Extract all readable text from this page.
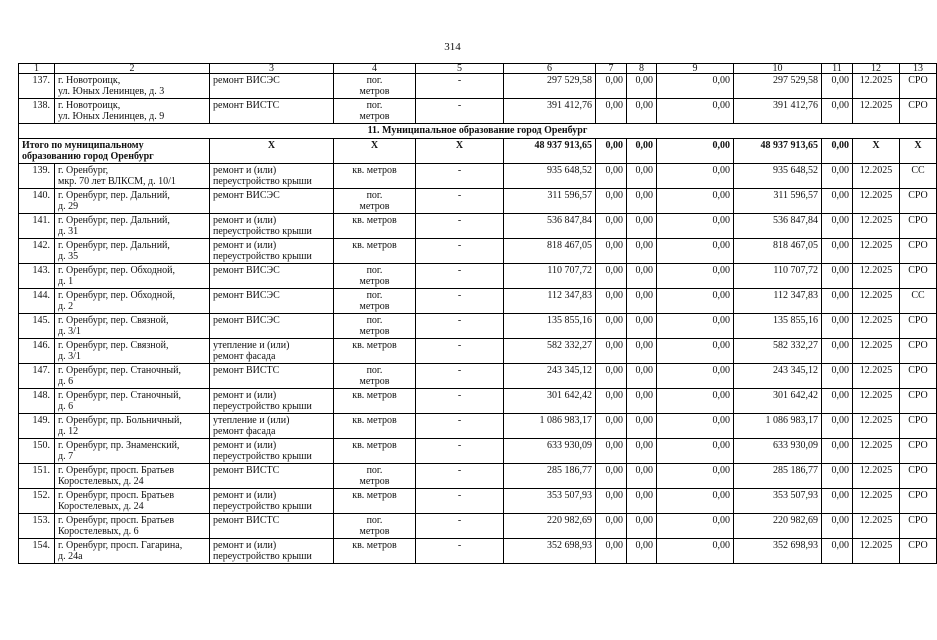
314
1	2	3	4	5	6	7	8	9	10	11	12	13
137.	г. Новотроицк,
ул. Юных Ленинцев, д. 3	ремонт ВИСЭС	пог.
метров	-	297 529,58	0,00	0,00	0,00	297 529,58	0,00	12.2025	СРО
138.	г. Новотроицк,
ул. Юных Ленинцев, д. 9	ремонт ВИСТС	пог.
метров	-	391 412,76	0,00	0,00	0,00	391 412,76	0,00	12.2025	СРО
11. Муниципальное образование город Оренбург												

Итого по муниципальному
образованию город Оренбург		X	X	X	48 937 913,65	0,00	0,00	0,00	48 937 913,65	0,00	X	X
139.	г. Оренбург,
мкр. 70 лет ВЛКСМ, д. 10/1	ремонт и (или)
переустройство крыши	кв. метров	-	935 648,52	0,00	0,00	0,00	935 648,52	0,00	12.2025	СС
140.	г. Оренбург, пер. Дальний,
д. 29	ремонт ВИСЭС	пог.
метров	-	311 596,57	0,00	0,00	0,00	311 596,57	0,00	12.2025	СРО
141.	г. Оренбург, пер. Дальний,
д. 31	ремонт и (или)
переустройство крыши	кв. метров	-	536 847,84	0,00	0,00	0,00	536 847,84	0,00	12.2025	СРО
142.	г. Оренбург, пер. Дальний,
д. 35	ремонт и (или)
переустройство крыши	кв. метров	-	818 467,05	0,00	0,00	0,00	818 467,05	0,00	12.2025	СРО
143.	г. Оренбург, пер. Обходной,
д. 1	ремонт ВИСЭС	пог.
метров	-	110 707,72	0,00	0,00	0,00	110 707,72	0,00	12.2025	СРО
144.	г. Оренбург, пер. Обходной,
д. 2	ремонт ВИСЭС	пог.
метров	-	112 347,83	0,00	0,00	0,00	112 347,83	0,00	12.2025	СС
145.	г. Оренбург, пер. Связной,
д. 3/1	ремонт ВИСЭС	пог.
метров	-	135 855,16	0,00	0,00	0,00	135 855,16	0,00	12.2025	СРО
146.	г. Оренбург, пер. Связной,
д. 3/1	утепление и (или)
ремонт фасада	кв. метров	-	582 332,27	0,00	0,00	0,00	582 332,27	0,00	12.2025	СРО
147.	г. Оренбург, пер. Станочный,
д. 6	ремонт ВИСТС	пог.
метров	-	243 345,12	0,00	0,00	0,00	243 345,12	0,00	12.2025	СРО
148.	г. Оренбург, пер. Станочный,
д. 6	ремонт и (или)
переустройство крыши	кв. метров	-	301 642,42	0,00	0,00	0,00	301 642,42	0,00	12.2025	СРО
149.	г. Оренбург, пр. Больничный,
д. 12	утепление и (или)
ремонт фасада	кв. метров	-	1 086 983,17	0,00	0,00	0,00	1 086 983,17	0,00	12.2025	СРО
150.	г. Оренбург, пр. Знаменский,
д. 7	ремонт и (или)
переустройство крыши	кв. метров	-	633 930,09	0,00	0,00	0,00	633 930,09	0,00	12.2025	СРО
151.	г. Оренбург, просп. Братьев
Коростелевых, д. 24	ремонт ВИСТС	пог.
метров	-	285 186,77	0,00	0,00	0,00	285 186,77	0,00	12.2025	СРО
152.	г. Оренбург, просп. Братьев
Коростелевых, д. 24	ремонт и (или)
переустройство крыши	кв. метров	-	353 507,93	0,00	0,00	0,00	353 507,93	0,00	12.2025	СРО
153.	г. Оренбург, просп. Братьев
Коростелевых, д. 6	ремонт ВИСТС	пог.
метров	-	220 982,69	0,00	0,00	0,00	220 982,69	0,00	12.2025	СРО
154.	г. Оренбург, просп. Гагарина,
д. 24а	ремонт и (или)
переустройство крыши	кв. метров	-	352 698,93	0,00	0,00	0,00	352 698,93	0,00	12.2025	СРО
